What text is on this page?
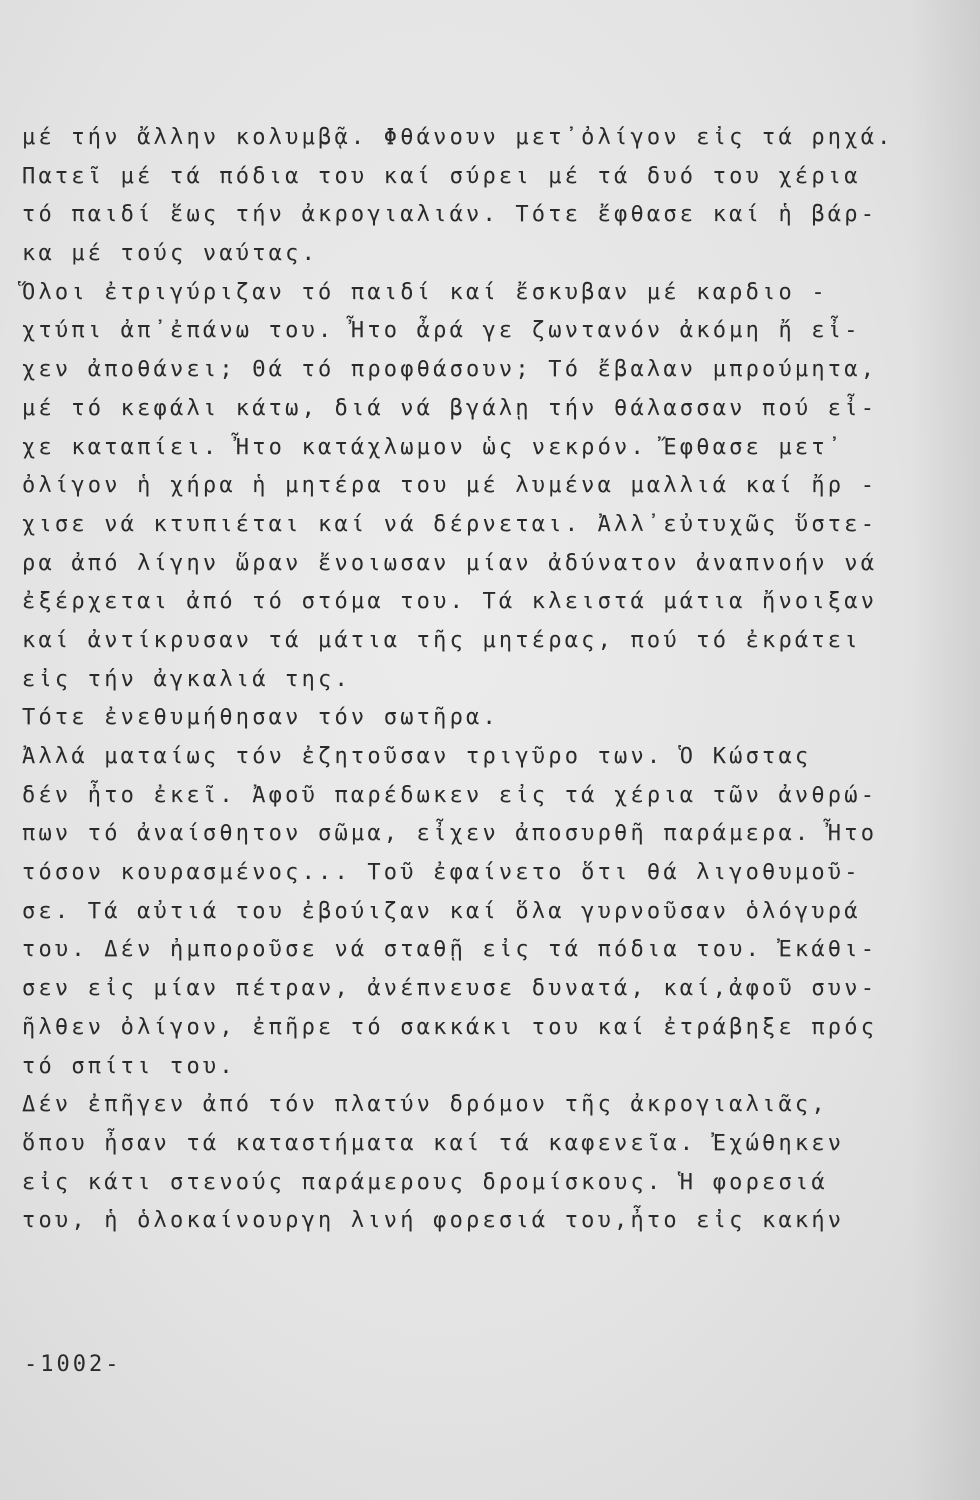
μέ τήν ἄλλην κολυμβᾷ. Φθάνουν μετ᾽ὀλίγον εἰς τά ρηχά.
Πατεῖ μέ τά πόδια του καί σύρει μέ τά δυό του χέρια
τό παιδί ἕως τήν ἀκρογιαλιάν. Τότε ἔφθασε καί ἡ βάρ-
κα μέ τούς ναύτας.
Ὅλοι ἐτριγύριζαν τό παιδί καί ἔσκυβαν μέ καρδιο -
χτύπι ἀπ᾽ἐπάνω του. Ἦτο ἆρά γε ζωντανόν ἀκόμη ἤ εἶ-
χεν ἀποθάνει; Θά τό προφθάσουν; Τό ἔβαλαν μπρούμητα,
μέ τό κεφάλι κάτω, διά νά βγάλῃ τήν θάλασσαν πού εἶ-
χε καταπίει. Ἦτο κατάχλωμον ὡς νεκρόν. Ἔφθασε μετ᾽
ὀλίγον ἡ χήρα ἡ μητέρα του μέ λυμένα μαλλιά καί ἤρ -
χισε νά κτυπιέται καί νά δέρνεται. Ἀλλ᾽εὐτυχῶς ὕστε-
ρα ἀπό λίγην ὥραν ἔνοιωσαν μίαν ἀδύνατον ἀναπνοήν νά
ἐξέρχεται ἀπό τό στόμα του. Τά κλειστά μάτια ἤνοιξαν
καί ἀντίκρυσαν τά μάτια τῆς μητέρας, πού τό ἐκράτει
εἰς τήν ἀγκαλιά της.
Τότε ἐνεθυμήθησαν τόν σωτῆρα.
Ἀλλά ματαίως τόν ἐζητοῦσαν τριγῦρο των. Ὁ Κώστας
δέν ἦτο ἐκεῖ. Ἀφοῦ παρέδωκεν εἰς τά χέρια τῶν ἀνθρώ-
πων τό ἀναίσθητον σῶμα, εἶχεν ἀποσυρθῆ παράμερα. Ἦτο
τόσον κουρασμένος... Τοῦ ἐφαίνετο ὅτι θά λιγοθυμοῦ-
σε. Τά αὐτιά του ἐβούιζαν καί ὅλα γυρνοῦσαν ὁλόγυρά
του. Δέν ἠμποροῦσε νά σταθῇ εἰς τά πόδια του. Ἐκάθι-
σεν εἰς μίαν πέτραν, ἀνέπνευσε δυνατά, καί,ἀφοῦ συν-
ῆλθεν ὀλίγον, ἐπῆρε τό σακκάκι του καί ἐτράβηξε πρός
τό σπίτι του.
Δέν ἐπῆγεν ἀπό τόν πλατύν δρόμον τῆς ἀκρογιαλιᾶς,
ὅπου ἦσαν τά καταστήματα καί τά καφενεῖα. Ἐχώθηκεν
εἰς κάτι στενούς παράμερους δρομίσκους. Ἡ φορεσιά
του, ἡ ὁλοκαίνουργη λινή φορεσιά του,ἦτο εἰς κακήν
-1002-
